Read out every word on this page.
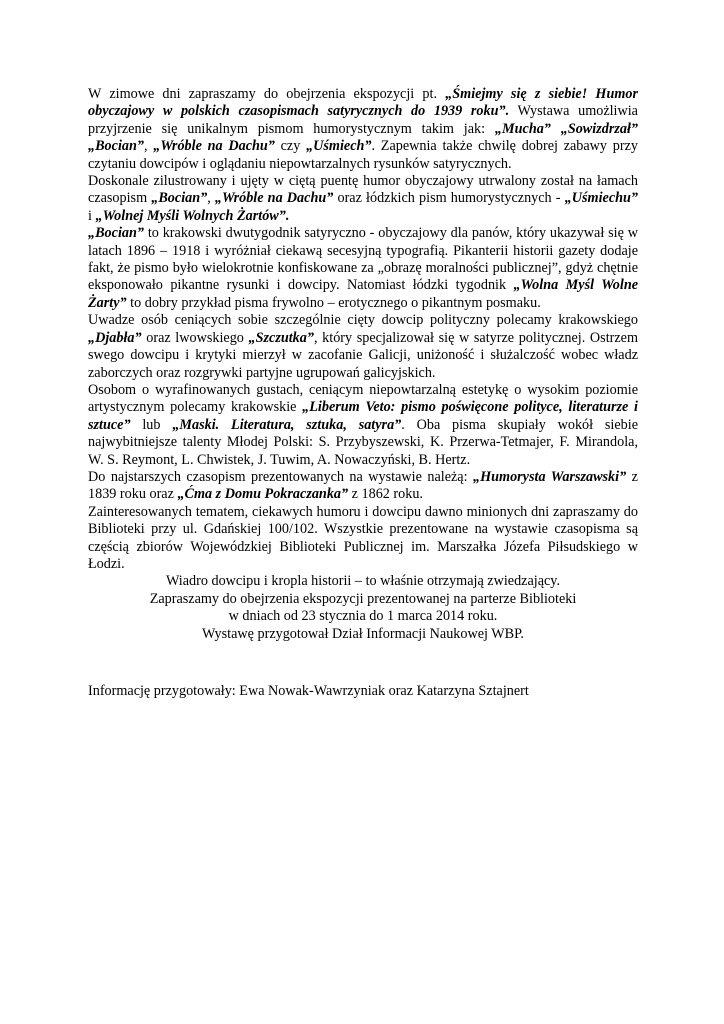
W zimowe dni zapraszamy do obejrzenia ekspozycji pt. „Śmiejmy się z siebie! Humor obyczajowy w polskich czasopismach satyrycznych do 1939 roku”. Wystawa umożliwia przyjrzenie się unikalnym pismom humorystycznym takim jak: „Mucha” „Sowizdrzał” „Bocian”, „Wróble na Dachu” czy „Uśmiech”. Zapewnia także chwilę dobrej zabawy przy czytaniu dowcipów i oglądaniu niepowtarzalnych rysunków satyrycznych.

Doskonale zilustrowany i ujęty w ciętą puentę humor obyczajowy utrwalony został na łamach czasopism „Bocian”, „Wróble na Dachu” oraz łódzkich pism humorystycznych - „Uśmiechu” i „Wolnej Myśli Wolnych Żartów”.

„Bocian” to krakowski dwutygodnik satyryczno - obyczajowy dla panów, który ukazywał się w latach 1896 – 1918 i wyróżniał ciekawą secesyjną typografią. Pikanterii historii gazety dodaje fakt, że pismo było wielokrotnie konfiskowane za „obrazę moralności publicznej”, gdyż chętnie eksponowało pikantne rysunki i dowcipy. Natomiast łódzki tygodnik „Wolna Myśl Wolne Żarty” to dobry przykład pisma frywolno – erotycznego o pikantnym posmaku.

Uwadze osób ceniących sobie szczególnie cięty dowcip polityczny polecamy krakowskiego „Djabła” oraz lwowskiego „Szczutka”, który specjalizował się w satyrze politycznej. Ostrzem swego dowcipu i krytyki mierzył w zacofanie Galicji, uniżoność i służalczość wobec władz zaborczych oraz rozgrywki partyjne ugrupowań galicyjskich.

Osobom o wyrafinowanych gustach, ceniącym niepowtarzalną estetykę o wysokim poziomie artystycznym polecamy krakowskie „Liberum Veto: pismo poświęcone polityce, literaturze i sztuce” lub „Maski. Literatura, sztuka, satyra”. Oba pisma skupiały wokół siebie najwybitniejsze talenty Młodej Polski: S. Przybyszewski, K. Przerwa-Tetmajer, F. Mirandola, W. S. Reymont, L. Chwistek, J. Tuwim, A. Nowaczyński, B. Hertz.

Do najstarszych czasopism prezentowanych na wystawie należą: „Humorysta Warszawski” z 1839 roku oraz „Ćma z Domu Pokraczanka” z 1862 roku.

Zainteresowanych tematem, ciekawych humoru i dowcipu dawno minionych dni zapraszamy do Biblioteki przy ul. Gdańskiej 100/102. Wszystkie prezentowane na wystawie czasopisma są częścią zbiorów Wojewódzkiej Biblioteki Publicznej im. Marszałka Józefa Piłsudskiego w Łodzi.

Wiadro dowcipu i kropla historii – to właśnie otrzymają zwiedzający.

Zapraszamy do obejrzenia ekspozycji prezentowanej na parterze Biblioteki

w dniach od 23 stycznia do 1 marca 2014 roku.

Wystawę przygotował Dział Informacji Naukowej WBP.

Informację przygotowały: Ewa Nowak-Wawrzyniak oraz Katarzyna Sztajnert
